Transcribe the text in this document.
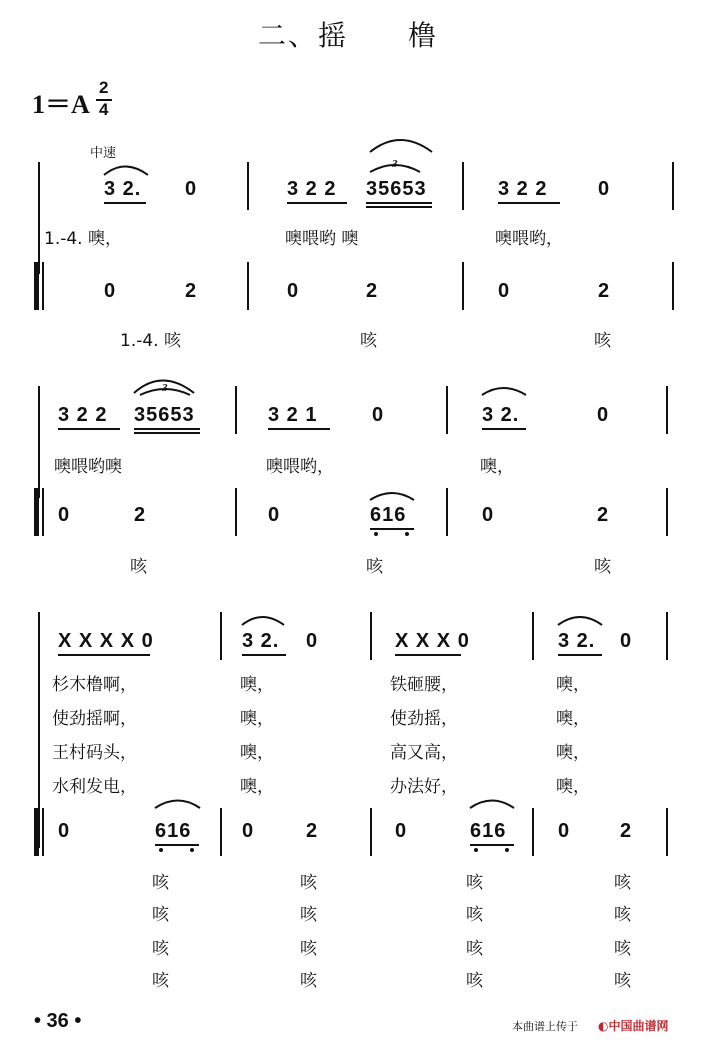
二、摇　　橹
1＝A
2
4
中速
3 2. 0	3 2 2
3
35653	3 2 2	0
1.-4. 噢，	噢喂哟 噢	噢喂哟，
0	2	0	2	0	2
1.-4. 咳	咳	咳
3 2 2
3
35653	3 2 1	0	3 2.	0
噢喂哟噢	噢喂哟，	噢，
0	2	0	616	0	2
咳	咳	咳
X X X X 0	3 2. 0	X X X 0	3 2. 0
杉木橹啊，	噢，	铁砸腰，	噢，
使劲摇啊，	噢，	使劲摇，	噢，
王村码头，	噢，	高又高，	噢，
水利发电，	噢，	办法好，	噢，
0	616	0	2	0	616	0 2
咳	咳	咳	咳
咳	咳	咳	咳
咳	咳	咳	咳
咳	咳	咳	咳
• 36 •	本曲谱上传于 ◐中国曲谱网
